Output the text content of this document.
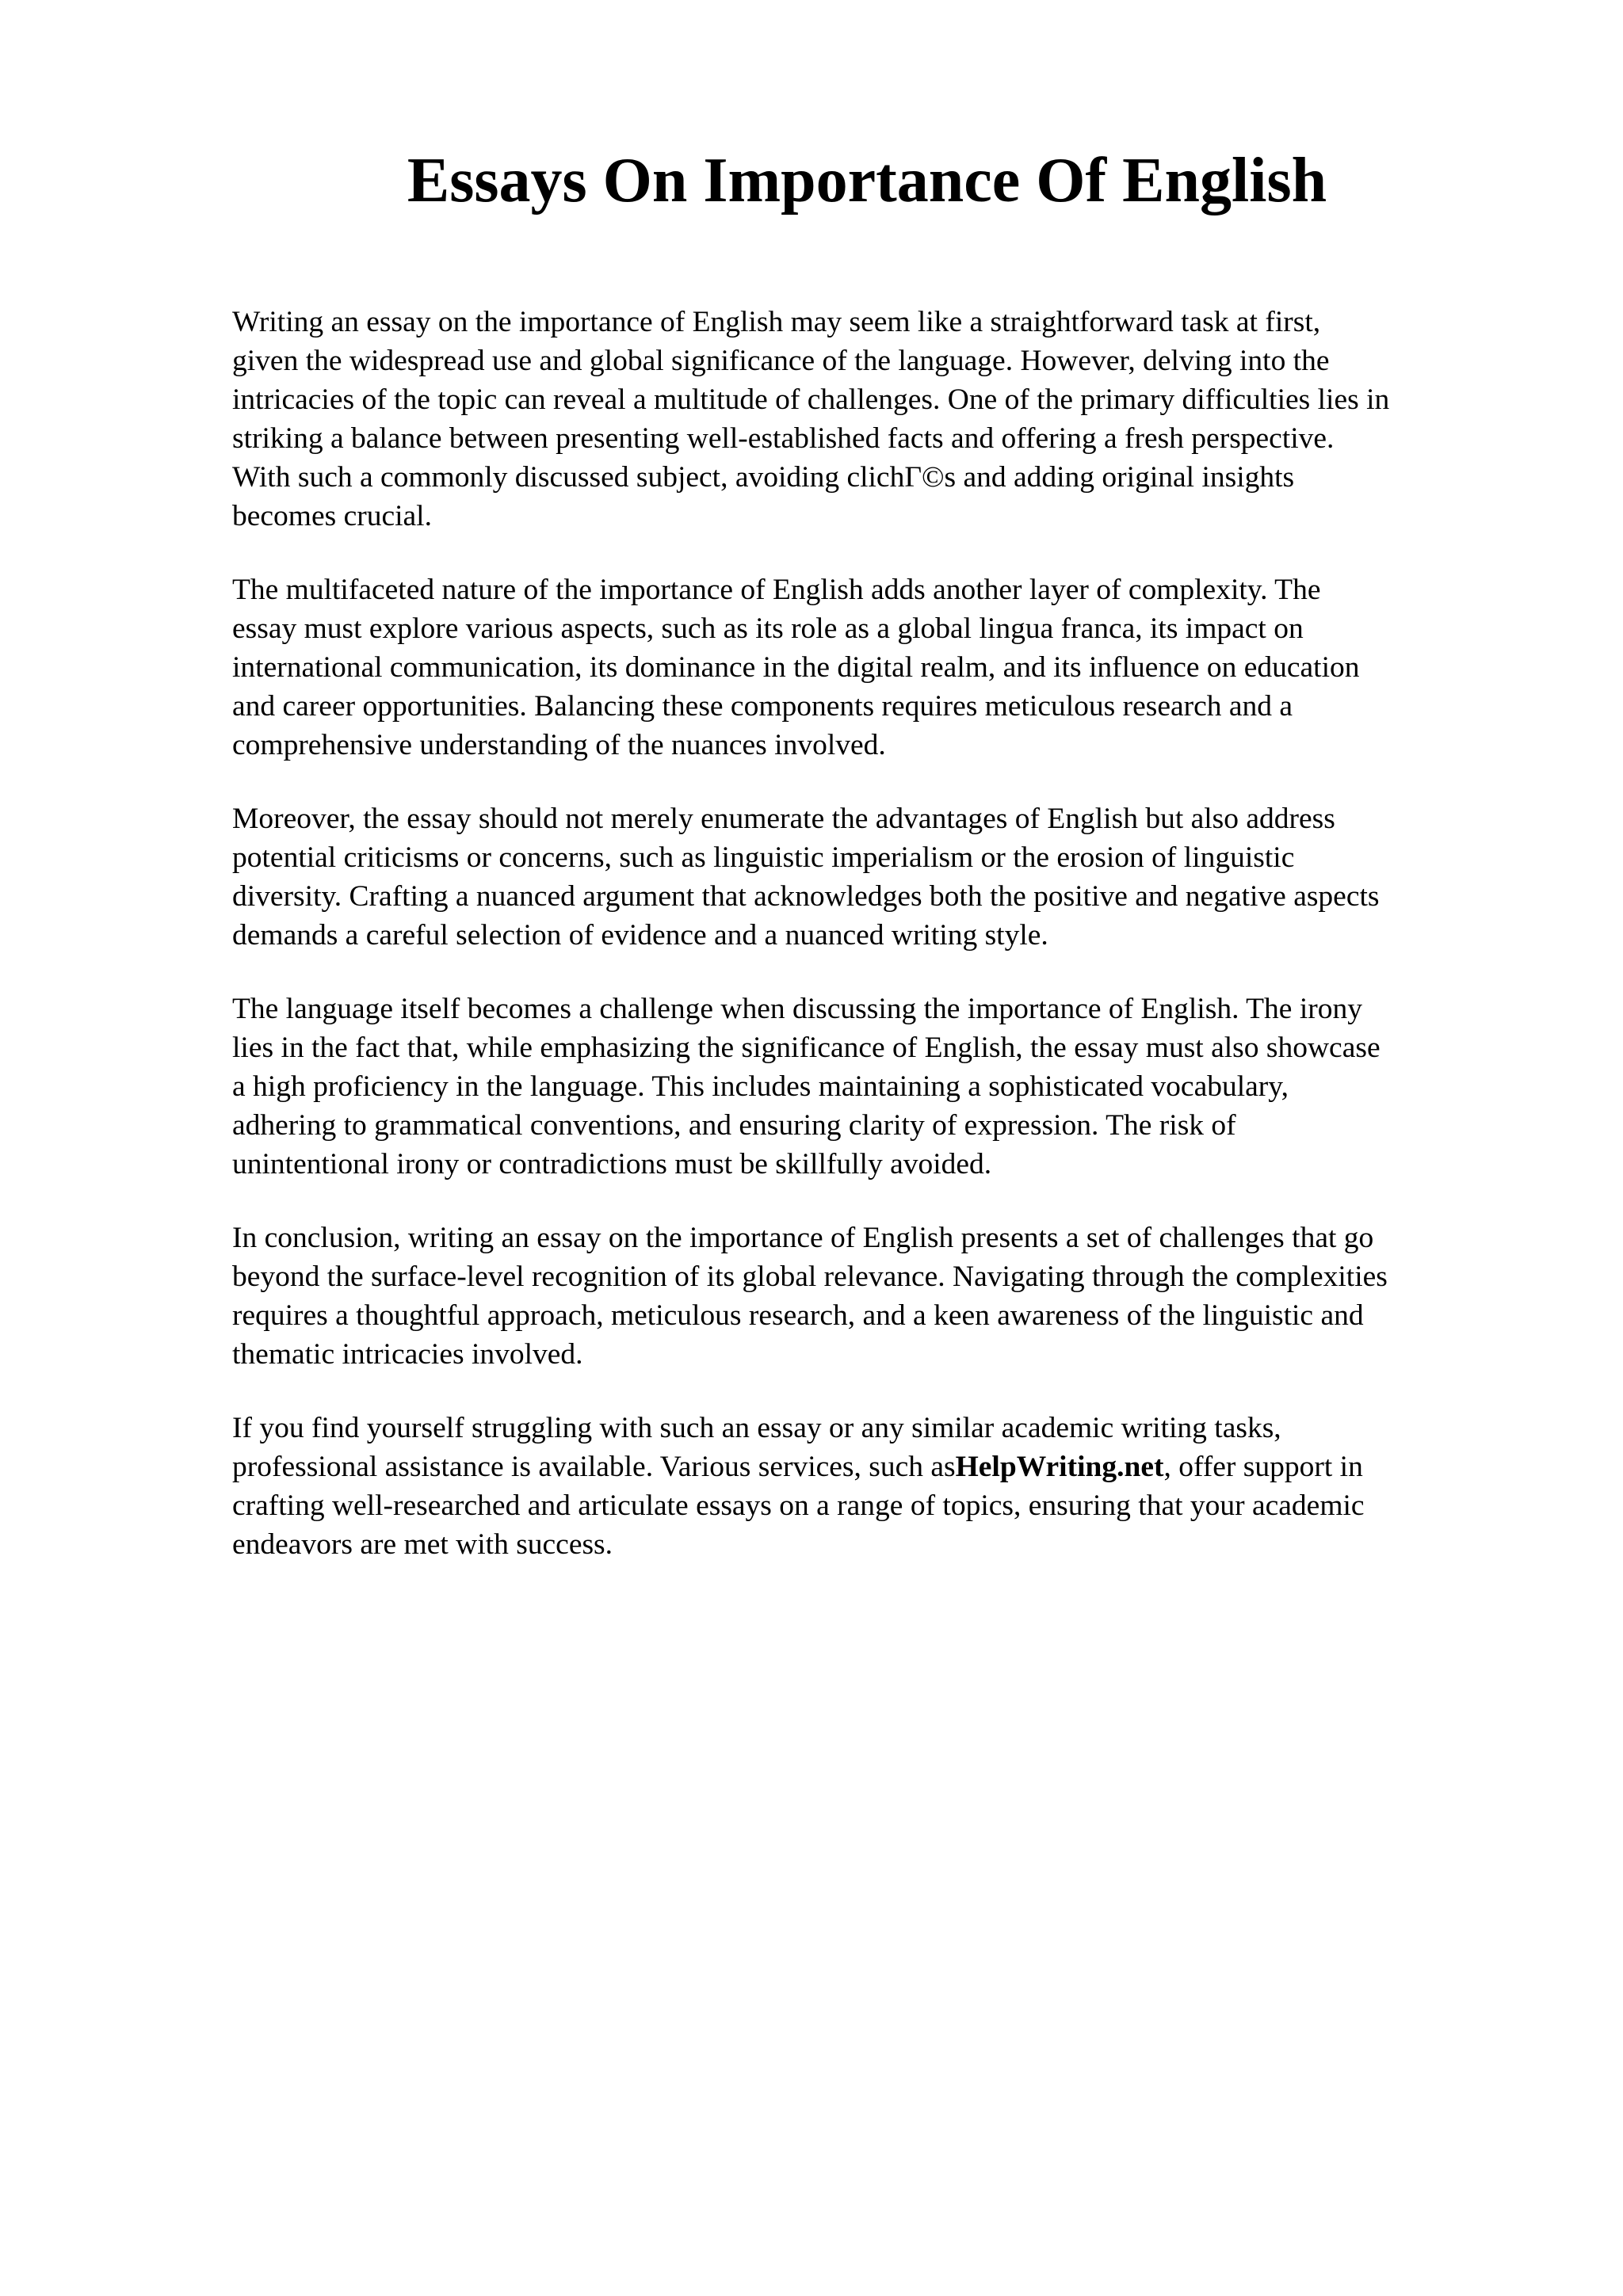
Essays On Importance Of English

Writing an essay on the importance of English may seem like a straightforward task at first,
given the widespread use and global significance of the language. However, delving into the
intricacies of the topic can reveal a multitude of challenges. One of the primary difficulties lies in
striking a balance between presenting well-established facts and offering a fresh perspective.
With such a commonly discussed subject, avoiding clichΓ©s and adding original insights
becomes crucial.

The multifaceted nature of the importance of English adds another layer of complexity. The
essay must explore various aspects, such as its role as a global lingua franca, its impact on
international communication, its dominance in the digital realm, and its influence on education
and career opportunities. Balancing these components requires meticulous research and a
comprehensive understanding of the nuances involved.

Moreover, the essay should not merely enumerate the advantages of English but also address
potential criticisms or concerns, such as linguistic imperialism or the erosion of linguistic
diversity. Crafting a nuanced argument that acknowledges both the positive and negative aspects
demands a careful selection of evidence and a nuanced writing style.

The language itself becomes a challenge when discussing the importance of English. The irony
lies in the fact that, while emphasizing the significance of English, the essay must also showcase
a high proficiency in the language. This includes maintaining a sophisticated vocabulary,
adhering to grammatical conventions, and ensuring clarity of expression. The risk of
unintentional irony or contradictions must be skillfully avoided.

In conclusion, writing an essay on the importance of English presents a set of challenges that go
beyond the surface-level recognition of its global relevance. Navigating through the complexities
requires a thoughtful approach, meticulous research, and a keen awareness of the linguistic and
thematic intricacies involved.

If you find yourself struggling with such an essay or any similar academic writing tasks,
professional assistance is available. Various services, such asHelpWriting.net, offer support in
crafting well-researched and articulate essays on a range of topics, ensuring that your academic
endeavors are met with success.
